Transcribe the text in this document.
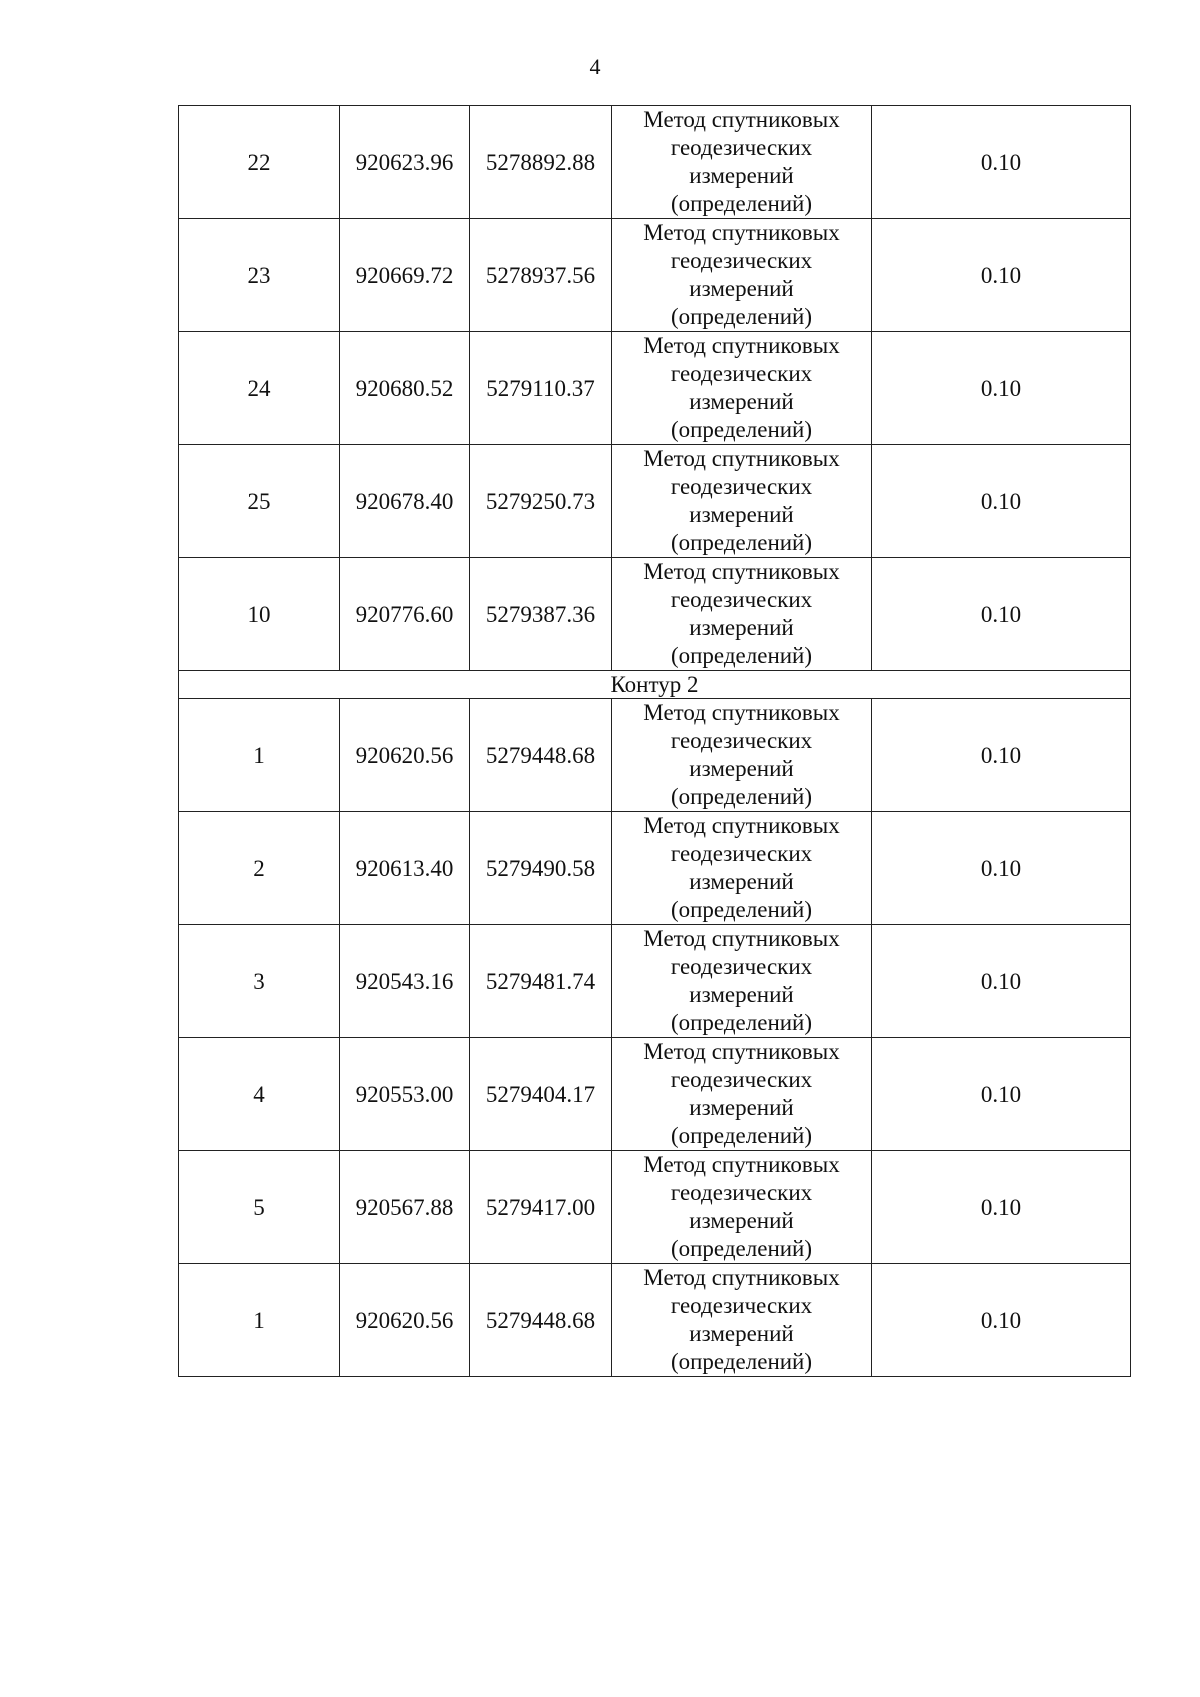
4
22	920623.96	5278892.88	Метод спутниковых
геодезических
измерений
(определений)	0.10
23	920669.72	5278937.56	Метод спутниковых
геодезических
измерений
(определений)	0.10
24	920680.52	5279110.37	Метод спутниковых
геодезических
измерений
(определений)	0.10
25	920678.40	5279250.73	Метод спутниковых
геодезических
измерений
(определений)	0.10
10	920776.60	5279387.36	Метод спутниковых
геодезических
измерений
(определений)	0.10
Контур 2				
1	920620.56	5279448.68	Метод спутниковых
геодезических
измерений
(определений)	0.10
2	920613.40	5279490.58	Метод спутниковых
геодезических
измерений
(определений)	0.10
3	920543.16	5279481.74	Метод спутниковых
геодезических
измерений
(определений)	0.10
4	920553.00	5279404.17	Метод спутниковых
геодезических
измерений
(определений)	0.10
5	920567.88	5279417.00	Метод спутниковых
геодезических
измерений
(определений)	0.10
1	920620.56	5279448.68	Метод спутниковых
геодезических
измерений
(определений)	0.10
